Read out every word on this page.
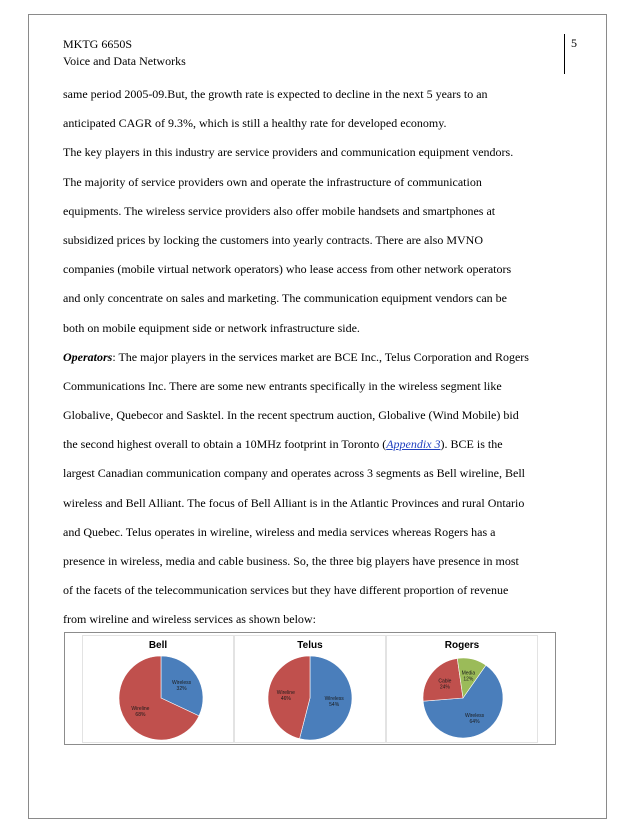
MKTG 6650S
Voice and Data Networks
5
same period 2005-09.But, the growth rate is expected to decline in the next 5 years to an
anticipated CAGR of 9.3%, which is still a healthy rate for developed economy.
The key players in this industry are service providers and communication equipment vendors.
The majority of service providers own and operate the infrastructure of communication
equipments. The wireless service providers also offer mobile handsets and smartphones at
subsidized prices by locking the customers into yearly contracts. There are also MVNO
companies (mobile virtual network operators) who lease access from other network operators
and only concentrate on sales and marketing. The communication equipment vendors can be
both on mobile equipment side or network infrastructure side.
Operators: The major players in the services market are BCE Inc., Telus Corporation and Rogers
Communications Inc. There are some new entrants specifically in the wireless segment like
Globalive, Quebecor and Sasktel. In the recent spectrum auction, Globalive (Wind Mobile) bid
the second highest overall to obtain a 10MHz footprint in Toronto (Appendix 3). BCE is the
largest Canadian communication company and operates across 3 segments as Bell wireline, Bell
wireless and Bell Alliant. The focus of Bell Alliant is in the Atlantic Provinces and rural Ontario
and Quebec. Telus operates in wireline, wireless and media services whereas Rogers has a
presence in wireless, media and cable business. So, the three big players have presence in most
of the facets of the telecommunication services but they have different proportion of revenue
from wireline and wireless services as shown below:
Bell
Wireless 32%
Wireline 68%
Telus
Wireless 54%
Wireline 46%
Rogers
Wireless 64%
Cable 24%
Media 12%
